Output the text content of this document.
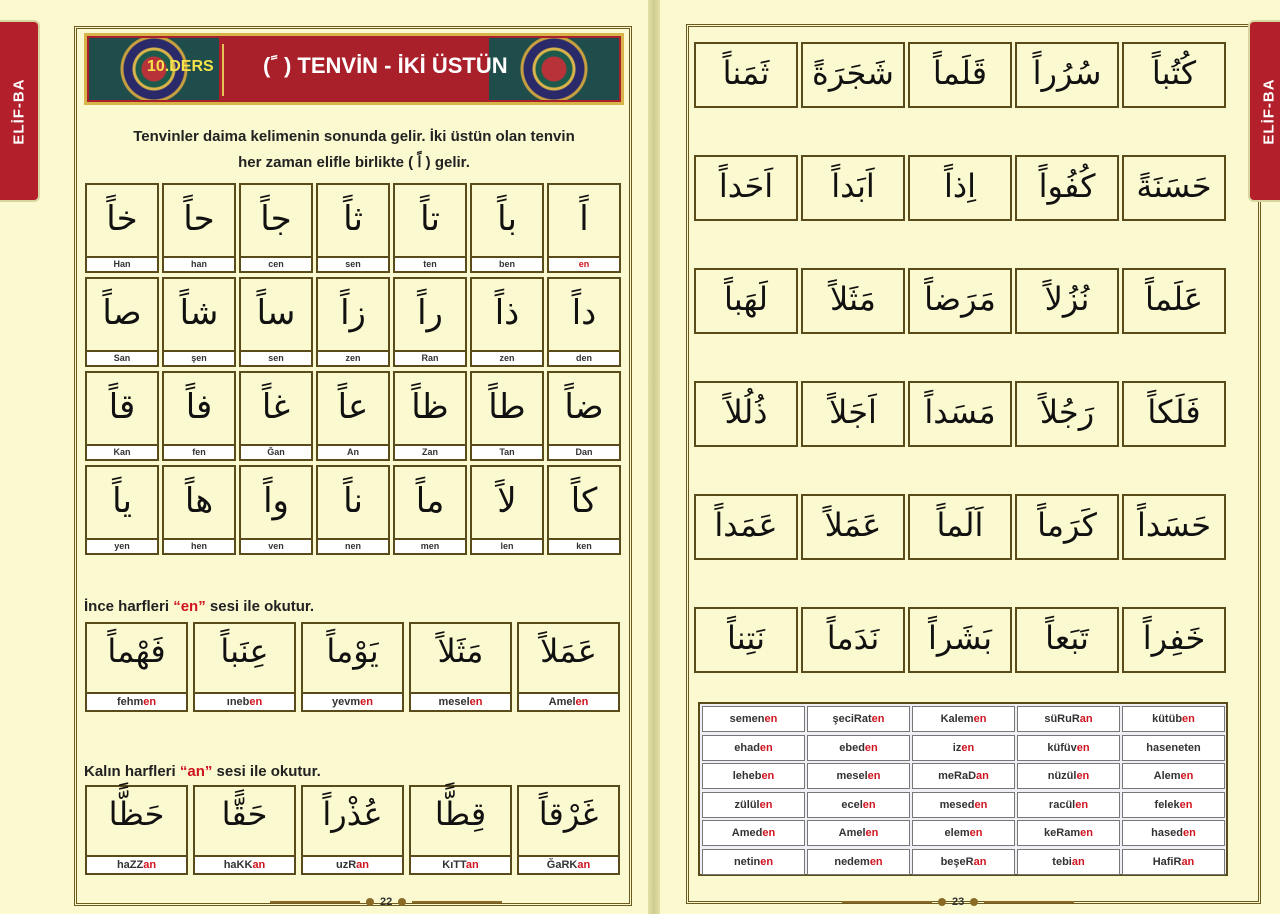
ELİF-BA
10.DERS ( ً ) TENVİN - İKİ ÜSTÜN
Tenvinler daima kelimenin sonunda gelir. İki üstün olan tenvin
her zaman elifle birlikte ( اً ) gelir.
خاً
Han
حاً
han
جاً
cen
ثاً
sen
تاً
ten
باً
ben
اً
en
صاً
San
شاً
şen
ساً
sen
زاً
zen
راً
Ran
ذاً
zen
داً
den
قاً
Kan
فاً
fen
غاً
Ğan
عاً
An
ظاً
Zan
طاً
Tan
ضاً
Dan
ياً
yen
هاً
hen
واً
ven
ناً
nen
ماً
men
لاً
len
كاً
ken
İnce harfleri “en” sesi ile okutur.
فَهْماً
fehmen
عِنَباً
ıneben
يَوْماً
yevmen
مَثَلاً
meselen
عَمَلاً
Amelen
Kalın harfleri “an” sesi ile okutur.
حَظًّا
haZZan
حَقًّا
haKKan
عُذْراً
uzRan
قِطًّا
KıTTan
غَرْقاً
ĞaRKan
22
ELİF-BA
ثَمَناً	شَجَرَةً	قَلَماً	سُرُراً	كُتُباً
اَحَداً	اَبَداً	اِذاً	كُفُواً	حَسَنَةً
لَهَباً	مَثَلاً	مَرَضاً	نُزُلاً	عَلَماً
ذُلُلاً	اَجَلاً	مَسَداً	رَجُلاً	فَلَكاً
عَمَداً	عَمَلاً	اَلَماً	كَرَماً	حَسَداً
نَتِناً	نَدَماً	بَشَراً	تَبَعاً	خَفِراً
semenen	şeciRaten	Kalemen	süRuRan	kütüben
ehaden	ebeden	izen	küfüven	haseneten
leheben	meselen	meRaDan	nüzülen	Alemen
zülülen	ecelen	meseden	racülen	feleken
Ameden	Amelen	elemen	keRamen	haseden
netinen	nedemen	beşeRan	tebian	HafiRan
23
